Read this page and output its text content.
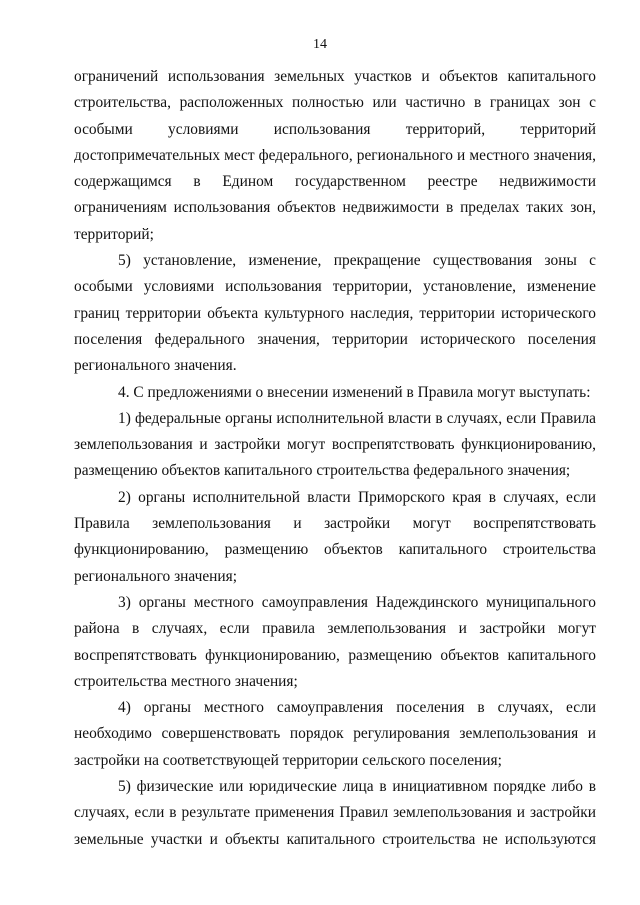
14

ограничений использования земельных участков и объектов капитального строительства, расположенных полностью или частично в границах зон с особыми условиями использования территорий, территорий достопримечательных мест федерального, регионального и местного значения, содержащимся в Едином государственном реестре недвижимости ограничениям использования объектов недвижимости в пределах таких зон, территорий;

5) установление, изменение, прекращение существования зоны с особыми условиями использования территории, установление, изменение границ территории объекта культурного наследия, территории исторического поселения федерального значения, территории исторического поселения регионального значения.

4. С предложениями о внесении изменений в Правила могут выступать:

1) федеральные органы исполнительной власти в случаях, если Правила землепользования и застройки могут воспрепятствовать функционированию, размещению объектов капитального строительства федерального значения;

2) органы исполнительной власти Приморского края в случаях, если Правила землепользования и застройки могут воспрепятствовать функционированию, размещению объектов капитального строительства регионального значения;

3) органы местного самоуправления Надеждинского муниципального района в случаях, если правила землепользования и застройки могут воспрепятствовать функционированию, размещению объектов капитального строительства местного значения;

4) органы местного самоуправления поселения в случаях, если необходимо совершенствовать порядок регулирования землепользования и застройки на соответствующей территории сельского поселения;

5) физические или юридические лица в инициативном порядке либо в случаях, если в результате применения Правил землепользования и застройки земельные участки и объекты капитального строительства не используются
